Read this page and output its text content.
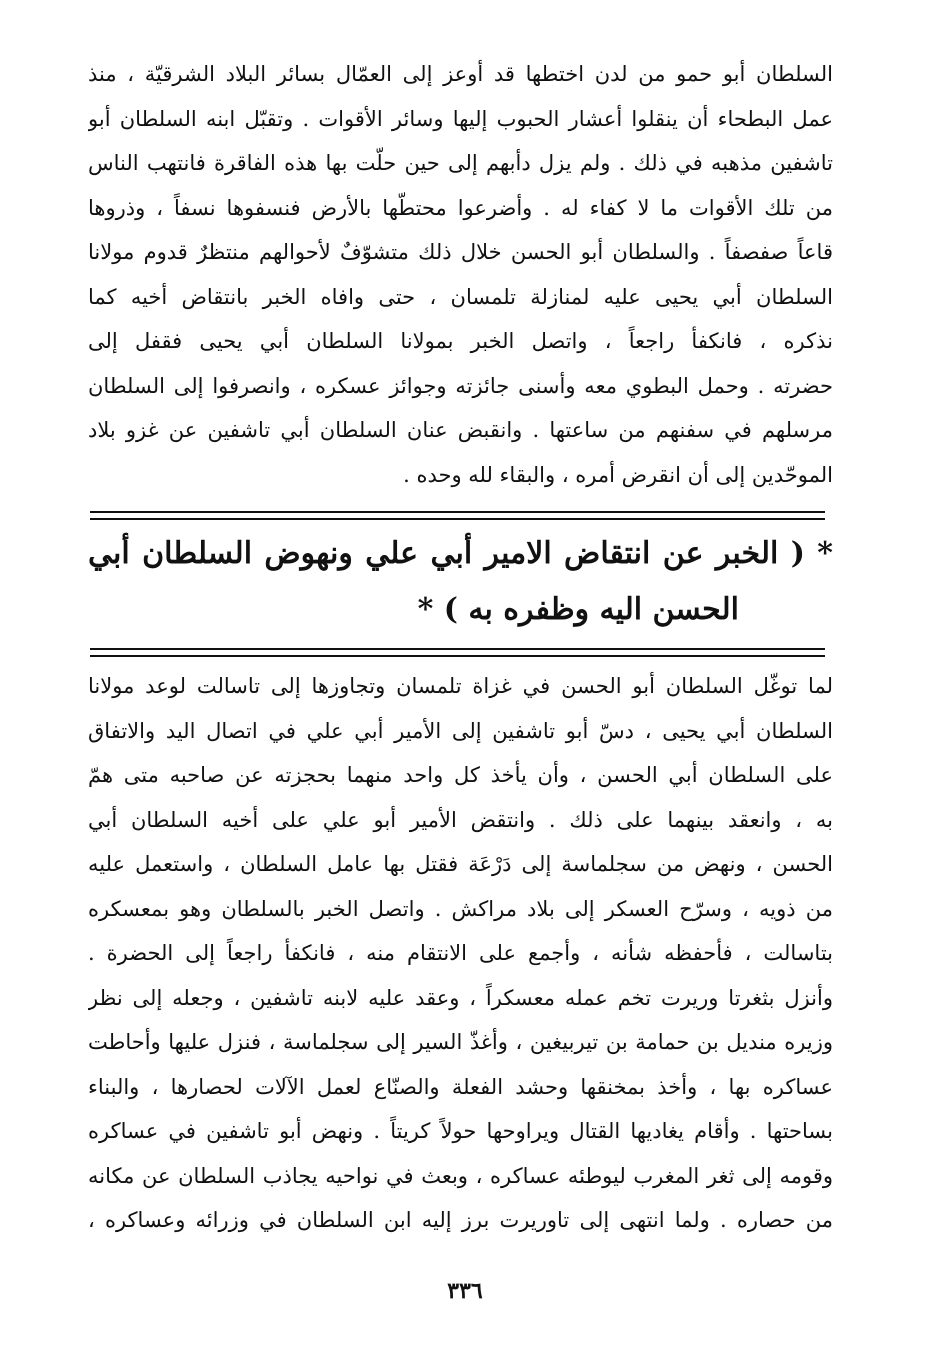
السلطان أبو حمو من لدن اختطها قد أوعز إلى العمّال بسائر البلاد الشرقيّة ، منذ
عمل البطحاء أن ينقلوا أعشار الحبوب إليها وسائر الأقوات . وتقبّل ابنه السلطان أبو
تاشفين مذهبه في ذلك . ولم يزل دأبهم إلى حين حلّت بها هذه الفاقرة فانتهب الناس
من تلك الأقوات ما لا كفاء له . وأضرعوا محتطّها بالأرض فنسفوها نسفاً ، وذروها
قاعاً صفصفاً . والسلطان أبو الحسن خلال ذلك متشوّفٌ لأحوالهم منتظرٌ قدوم مولانا
السلطان أبي يحيى عليه لمنازلة تلمسان ، حتى وافاه الخبر بانتقاض أخيه كما
نذكره ، فانكفأ راجعاً ، واتصل الخبر بمولانا السلطان أبي يحيى فقفل إلى
حضرته . وحمل البطوي معه وأسنى جائزته وجوائز عسكره ، وانصرفوا إلى السلطان
مرسلهم في سفنهم من ساعتها . وانقبض عنان السلطان أبي تاشفين عن غزو بلاد
الموحّدين إلى أن انقرض أمره ، والبقاء لله وحده .
* ( الخبر عن انتقاض الامير أبي علي ونهوض السلطان أبي
الحسن اليه وظفره به ) *
لما توغّل السلطان أبو الحسن في غزاة تلمسان وتجاوزها إلى تاسالت لوعد مولانا
السلطان أبي يحيى ، دسّ أبو تاشفين إلى الأمير أبي علي في اتصال اليد والاتفاق
على السلطان أبي الحسن ، وأن يأخذ كل واحد منهما بحجزته عن صاحبه متى همّ
به ، وانعقد بينهما على ذلك . وانتقض الأمير أبو علي على أخيه السلطان أبي
الحسن ، ونهض من سجلماسة إلى دَرْعَة فقتل بها عامل السلطان ، واستعمل عليه
من ذويه ، وسرّح العسكر إلى بلاد مراكش . واتصل الخبر بالسلطان وهو بمعسكره
بتاسالت ، فأحفظه شأنه ، وأجمع على الانتقام منه ، فانكفأ راجعاً إلى الحضرة .
وأنزل بثغرتا وريرت تخم عمله معسكراً ، وعقد عليه لابنه تاشفين ، وجعله إلى نظر
وزيره منديل بن حمامة بن تيربيغين ، وأغذّ السير إلى سجلماسة ، فنزل عليها وأحاطت
عساكره بها ، وأخذ بمخنقها وحشد الفعلة والصنّاع لعمل الآلات لحصارها ، والبناء
بساحتها . وأقام يغاديها القتال ويراوحها حولاً كريتاً . ونهض أبو تاشفين في عساكره
وقومه إلى ثغر المغرب ليوطئه عساكره ، وبعث في نواحيه يجاذب السلطان عن مكانه
من حصاره . ولما انتهى إلى تاوريرت برز إليه ابن السلطان في وزرائه وعساكره ،
٣٣٦
